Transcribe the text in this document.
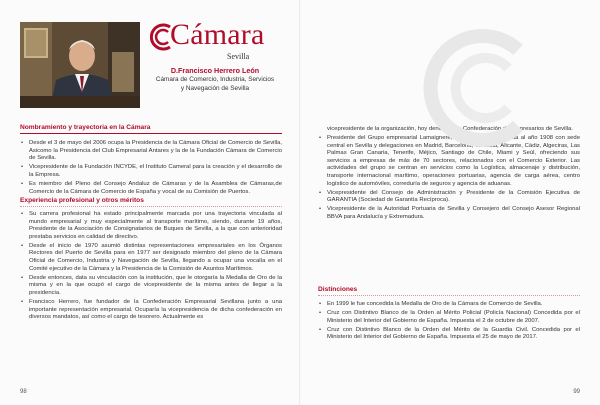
Cámara
Sevilla
D.Francisco Herrero León
Cámara de Comercio, Industria, Servicios
y Navegación de Sevilla
Nombramiento y trayectoria en la Cámara
• Desde el 3 de mayo del 2006 ocupa la Presidencia de la Cámara Oficial de Comercio de Sevilla, Asicomo la Presidencia del Club Empresarial Antares y la de la Fundación Cámara de Comercio de Sevilla.
• Vicepresidente de la Fundación INCYDE, el Instituto Cameral para la creación y el desarrollo de la Empresa.
• Es miembro del Pleno del Consejo Andaluz de Cámaras y de la Asamblea de Cámaras,de Comercio de la Cámara de Comercio de España y vocal de su Comisión de Puertos.
Experiencia profesional y otros méritos
• Su carrera profesional ha estado principalmente marcada por una trayectoria vinculada al mundo empresarial y muy especialmente al transporte marítimo, siendo, durante 19 años, Presidente de la Asociación de Consignatarios de Buques de Sevilla, a la que con anterioridad prestaba servicios en calidad de directivo.
• Desde el inicio de 1970 asumió distintas representaciones empresariales en los Órganos Rectores del Puerto de Sevilla para en 1977 ser designado miembro del pleno de la Cámara Oficial de Comercio, Industria y Navegación de Sevilla, llegando a ocupar una vocalía en el Comité ejecutivo de la Cámara y la Presidencia de la Comisión de Asuntos Marítimos.
• Desde entonces, data su vinculación con la institución, que le otorgaría la Medalla de Oro de la misma y en la que ocupó el cargo de vicepresidente de la misma antes de llegar a la presidencia.
• Francisco Herrero, fue fundador de la Confederación Empresarial Sevillana junto a una importante representación empresarial. Ocuparía la vicepresidencia de dicha confederación en diversos mandatos, así como el cargo de tesorero. Actualmente es
98
vicepresidente de la organización, hoy denominada Confederación de Empresarios de Sevilla.
• Presidente del Grupo empresarial Lamaignere, cuyo origen se remonta al año 1908 con sede central en Sevilla y delegaciones en Madrid, Barcelona, Valencia, Alicante, Cádiz, Algeciras, Las Palmas Gran Canaria, Tenerife, Méjico, Santiago de Chile, Miami y Seúl, ofreciendo sus servicios a empresas de más de 70 sectores, relacionados con el Comercio Exterior. Las actividades del grupo se centran en servicios como la Logística, almacenaje y distribución, transporte internacional marítimo, operaciones portuarias, agencia de carga aérea, centro logístico de automóviles, correduría de seguros y agencia de aduanas.
• Vicepresidente del Consejo de Administración y Presidente de la Comisión Ejecutiva de GARANTIA (Sociedad de Garantía Recíproca).
• Vicepresidente de la Autoridad Portuaria de Sevilla y Consejero del Consejo Asesor Regional BBVA para Andalucía y Extremadura.
Distinciones
• En 1999 le fue concedida la Medalla de Oro de la Cámara de Comercio de Sevilla.
• Cruz con Distintivo Blanco de la Orden al Mérito Policial (Policía Nacional) Concedida por el Ministerio del Interior del Gobierno de España. Impuesta el 2 de octubre de 2007.
• Cruz con Distintivo Blanco de la Orden del Mérito de la Guardia Civil. Concedida por el Ministerio del Interior del Gobierno de España. Impuesta el 25 de mayo de 2017.
99
